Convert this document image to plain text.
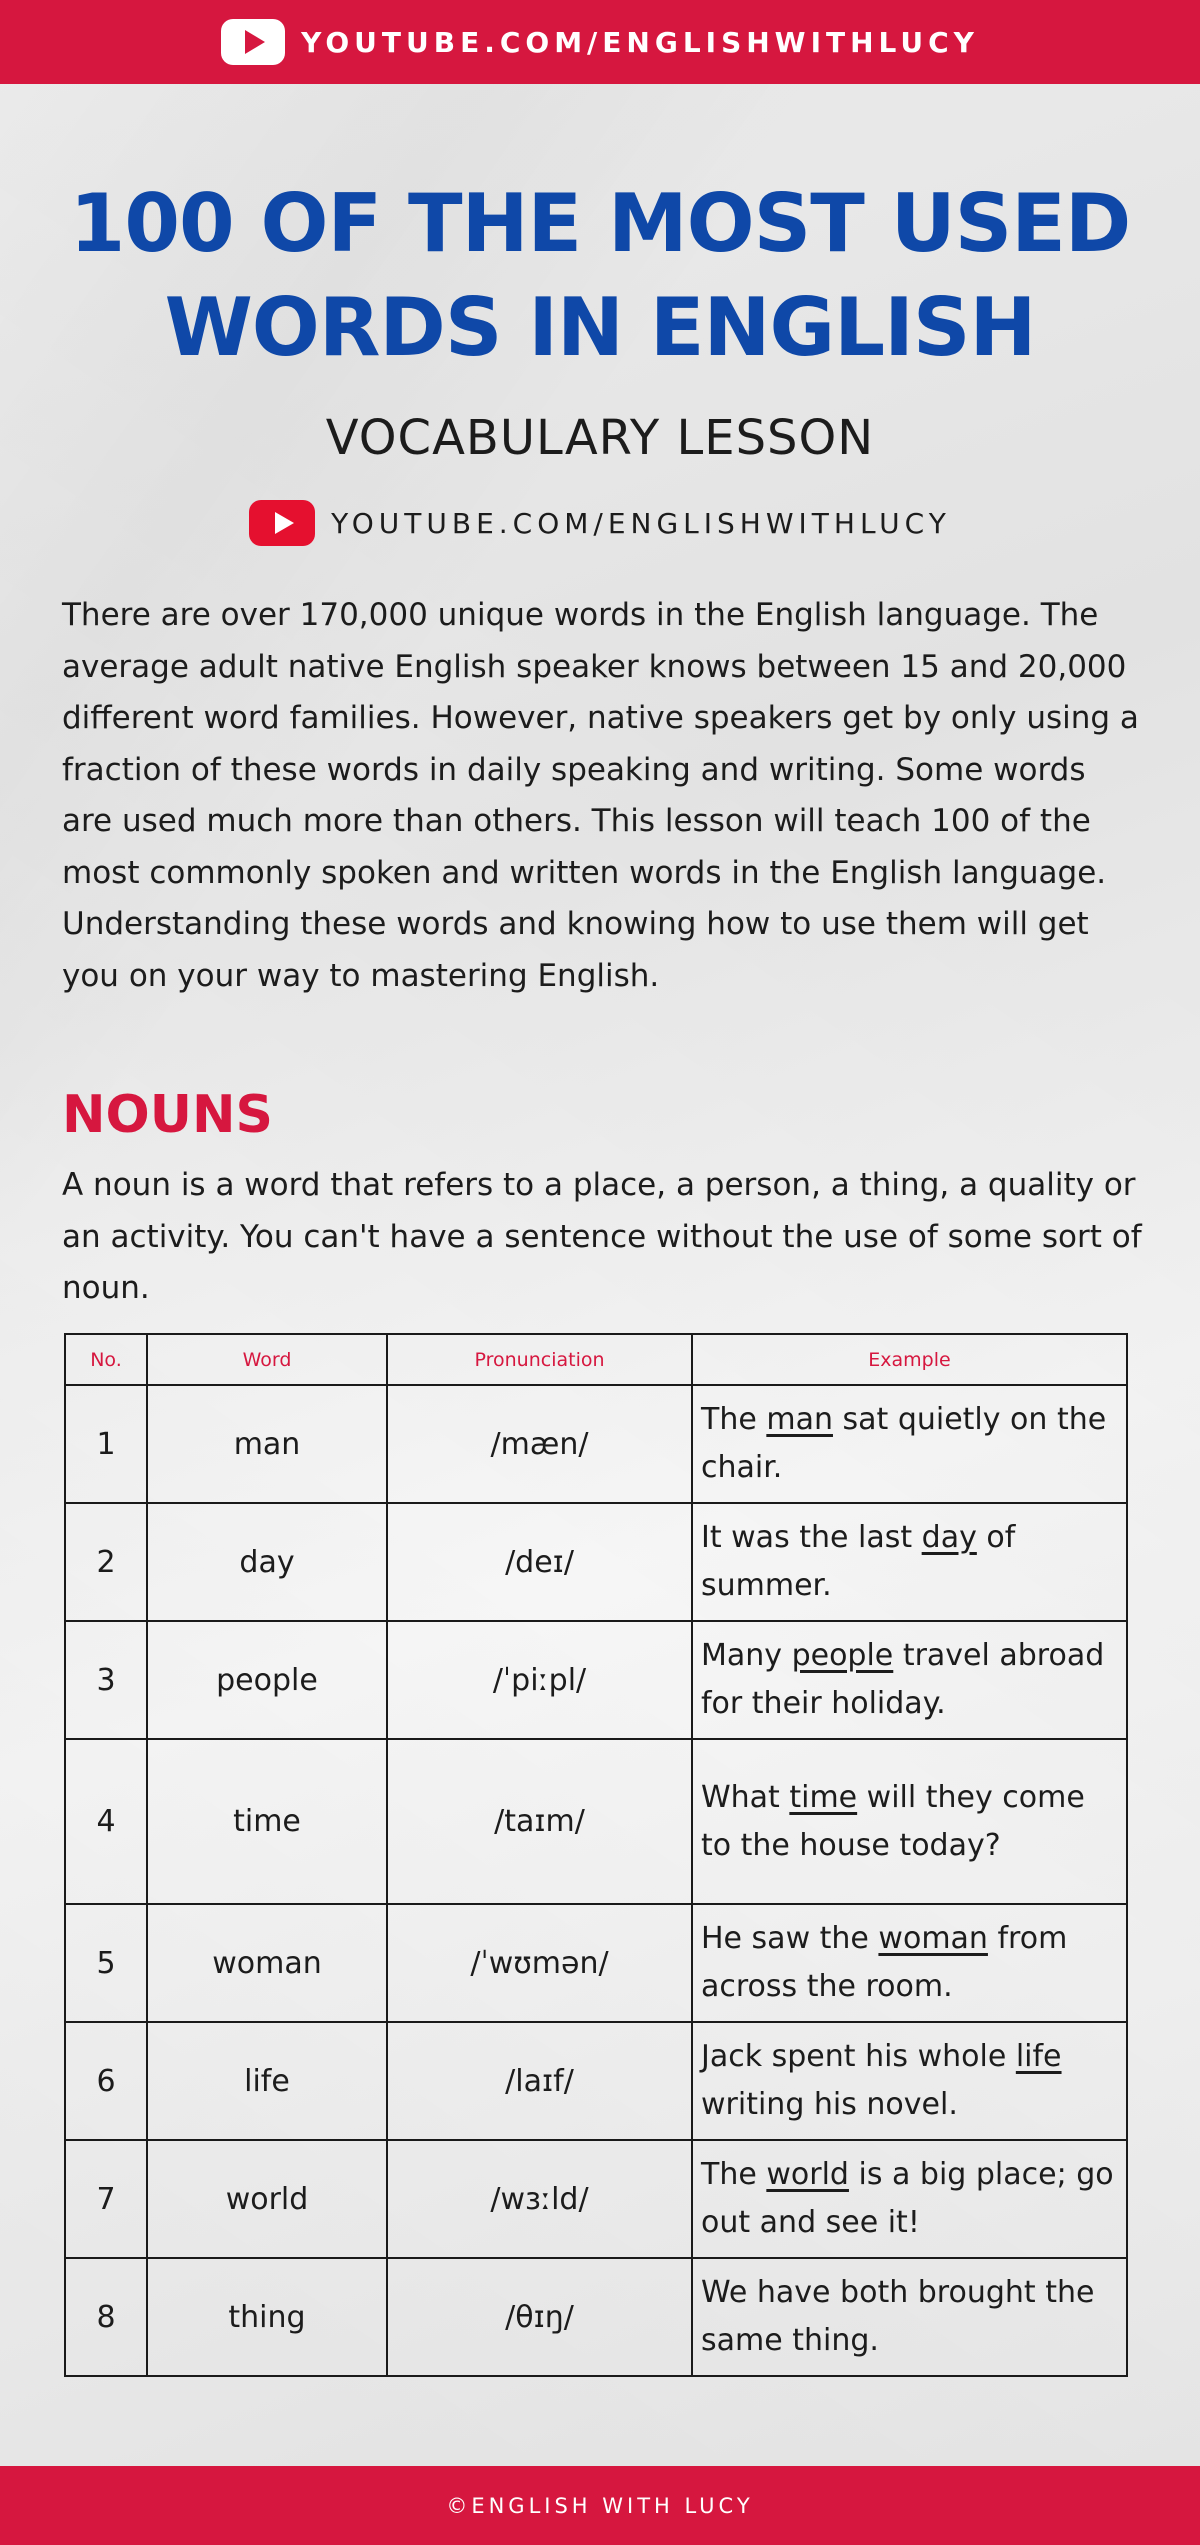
YOUTUBE.COM/ENGLISHWITHLUCY
100 OF THE MOST USED
WORDS IN ENGLISH
VOCABULARY LESSON
YOUTUBE.COM/ENGLISHWITHLUCY

There are over 170,000 unique words in the English language. The average adult native English speaker knows between 15 and 20,000 different word families. However, native speakers get by only using a fraction of these words in daily speaking and writing. Some words are used much more than others. This lesson will teach 100 of the most commonly spoken and written words in the English language. Understanding these words and knowing how to use them will get you on your way to mastering English.

NOUNS

A noun is a word that refers to a place, a person, a thing, a quality or an activity. You can't have a sentence without the use of some sort of noun.

No.	Word	Pronunciation	Example
1	man	/mæn/	The man sat quietly on the chair.
2	day	/deɪ/	It was the last day of summer.
3	people	/ˈpiːpl/	Many people travel abroad for their holiday.
4	time	/taɪm/	What time will they come to the house today?
5	woman	/ˈwʊmən/	He saw the woman from across the room.
6	life	/laɪf/	Jack spent his whole life writing his novel.
7	world	/wɜːld/	The world is a big place; go out and see it!
8	thing	/θɪŋ/	We have both brought the same thing.
©ENGLISH WITH LUCY
